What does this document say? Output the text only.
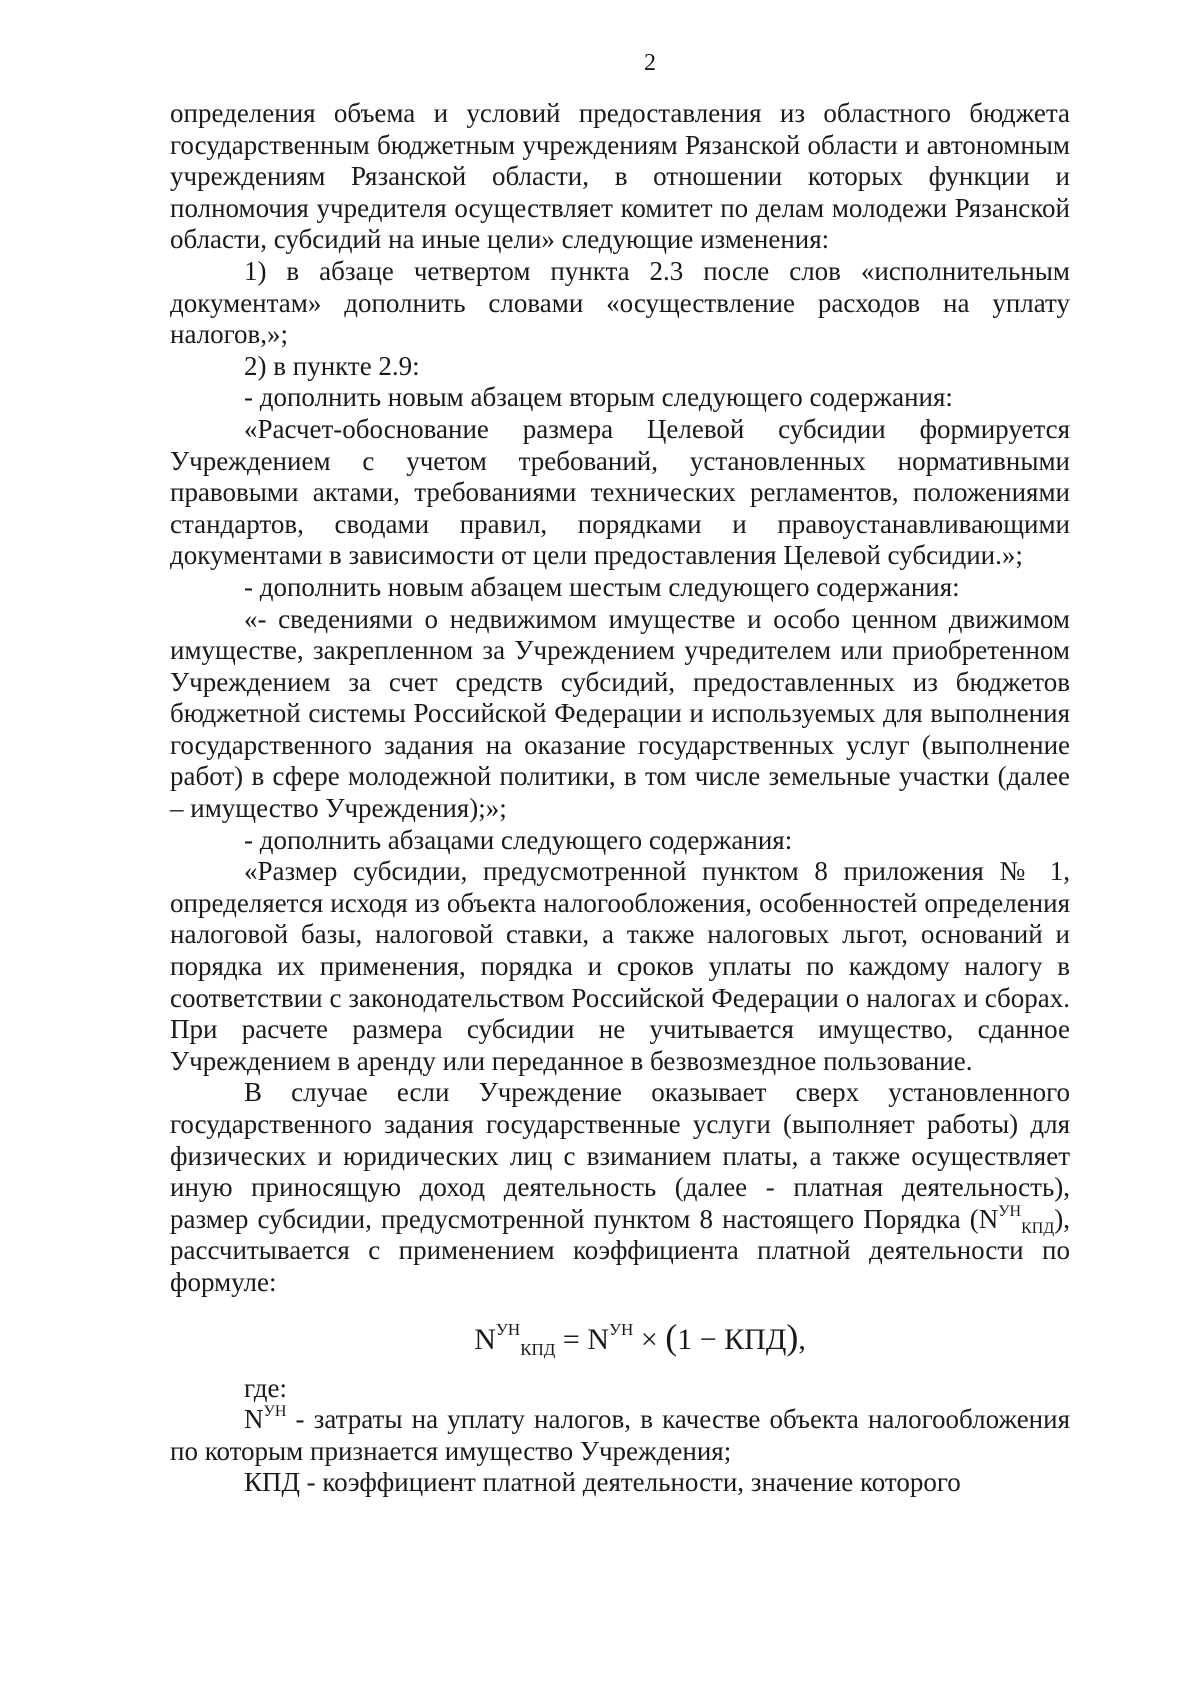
2

определения объема и условий предоставления из областного бюджета государственным бюджетным учреждениям Рязанской области и автономным учреждениям Рязанской области, в отношении которых функции и полномочия учредителя осуществляет комитет по делам молодежи Рязанской области, субсидий на иные цели» следующие изменения:

1) в абзаце четвертом пункта 2.3 после слов «исполнительным документам» дополнить словами «осуществление расходов на уплату налогов,»;

2) в пункте 2.9:

- дополнить новым абзацем вторым следующего содержания:

«Расчет-обоснование размера Целевой субсидии формируется Учреждением с учетом требований, установленных нормативными правовыми актами, требованиями технических регламентов, положениями стандартов, сводами правил, порядками и правоустанавливающими документами в зависимости от цели предоставления Целевой субсидии.»;

- дополнить новым абзацем шестым следующего содержания:

«- сведениями о недвижимом имуществе и особо ценном движимом имуществе, закрепленном за Учреждением учредителем или приобретенном Учреждением за счет средств субсидий, предоставленных из бюджетов бюджетной системы Российской Федерации и используемых для выполнения государственного задания на оказание государственных услуг (выполнение работ) в сфере молодежной политики, в том числе земельные участки (далее – имущество Учреждения);»;

- дополнить абзацами следующего содержания:

«Размер субсидии, предусмотренной пунктом 8 приложения № 1, определяется исходя из объекта налогообложения, особенностей определения налоговой базы, налоговой ставки, а также налоговых льгот, оснований и порядка их применения, порядка и сроков уплаты по каждому налогу в соответствии с законодательством Российской Федерации о налогах и сборах. При расчете размера субсидии не учитывается имущество, сданное Учреждением в аренду или переданное в безвозмездное пользование.

В случае если Учреждение оказывает сверх установленного государственного задания государственные услуги (выполняет работы) для физических и юридических лиц с взиманием платы, а также осуществляет иную приносящую доход деятельность (далее - платная деятельность), размер субсидии, предусмотренной пунктом 8 настоящего Порядка $(N^{УН}_{КПД})$, рассчитывается с применением коэффициента платной деятельности по формуле:

$N^{УН}_{КПД} = N^{УН} \times (1 - КПД)$,

где:

$N^{УН}$ - затраты на уплату налогов, в качестве объекта налогообложения по которым признается имущество Учреждения;

КПД - коэффициент платной деятельности, значение которого
